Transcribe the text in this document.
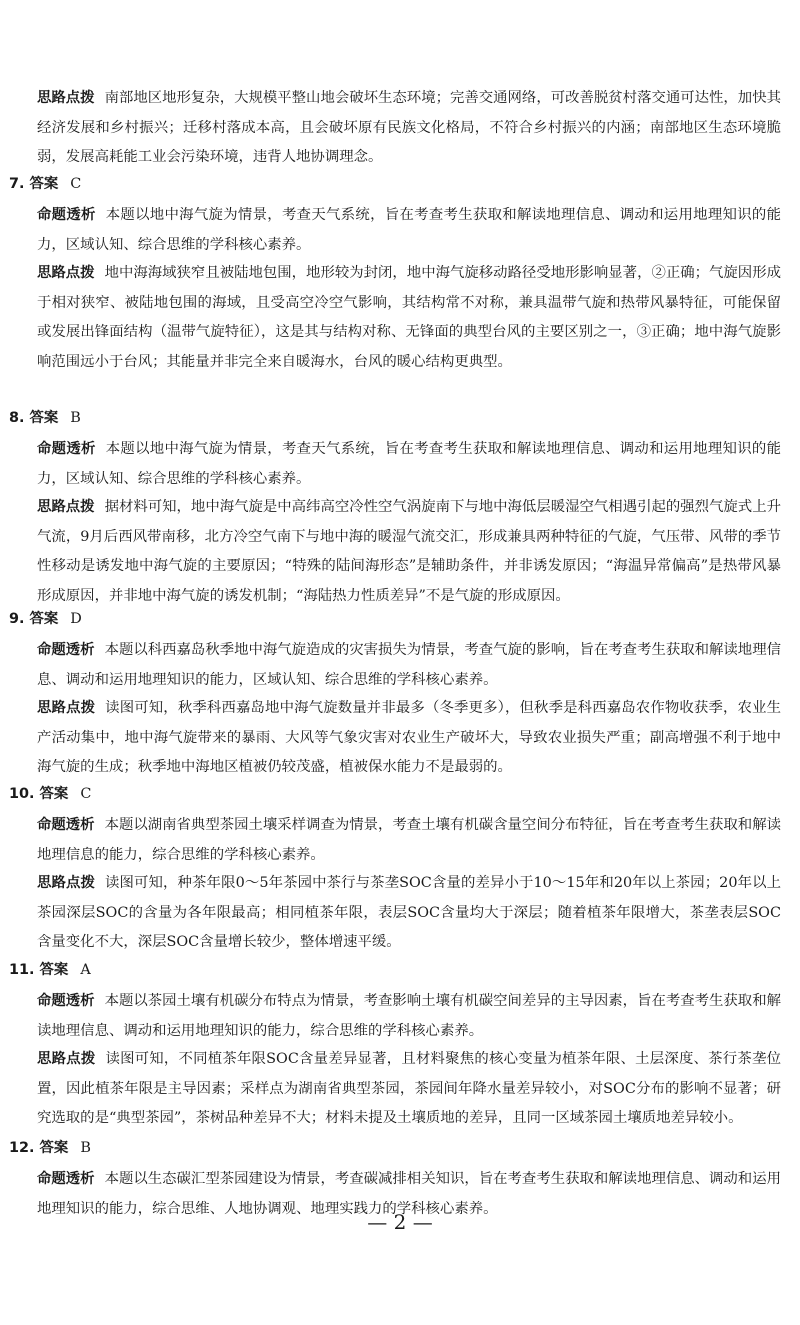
思路点拨 南部地区地形复杂，大规模平整山地会破坏生态环境；完善交通网络，可改善脱贫村落交通可达性，加快其经济发展和乡村振兴；迁移村落成本高，且会破坏原有民族文化格局，不符合乡村振兴的内涵；南部地区生态环境脆弱，发展高耗能工业会污染环境，违背人地协调理念。

7. 答案 C

命题透析 本题以地中海气旋为情景，考查天气系统，旨在考查考生获取和解读地理信息、调动和运用地理知识的能力，区域认知、综合思维的学科核心素养。

思路点拨 地中海海域狭窄且被陆地包围，地形较为封闭，地中海气旋移动路径受地形影响显著，②正确；气旋因形成于相对狭窄、被陆地包围的海域，且受高空冷空气影响，其结构常不对称，兼具温带气旋和热带风暴特征，可能保留或发展出锋面结构（温带气旋特征），这是其与结构对称、无锋面的典型台风的主要区别之一，③正确；地中海气旋影响范围远小于台风；其能量并非完全来自暖海水，台风的暖心结构更典型。

8. 答案 B

命题透析 本题以地中海气旋为情景，考查天气系统，旨在考查考生获取和解读地理信息、调动和运用地理知识的能力，区域认知、综合思维的学科核心素养。

思路点拨 据材料可知，地中海气旋是中高纬高空冷性空气涡旋南下与地中海低层暖湿空气相遇引起的强烈气旋式上升气流，9月后西风带南移，北方冷空气南下与地中海的暖湿气流交汇，形成兼具两种特征的气旋，气压带、风带的季节性移动是诱发地中海气旋的主要原因；“特殊的陆间海形态”是辅助条件，并非诱发原因；“海温异常偏高”是热带风暴形成原因，并非地中海气旋的诱发机制；“海陆热力性质差异”不是气旋的形成原因。

9. 答案 D

命题透析 本题以科西嘉岛秋季地中海气旋造成的灾害损失为情景，考查气旋的影响，旨在考查考生获取和解读地理信息、调动和运用地理知识的能力，区域认知、综合思维的学科核心素养。

思路点拨 读图可知，秋季科西嘉岛地中海气旋数量并非最多（冬季更多），但秋季是科西嘉岛农作物收获季，农业生产活动集中，地中海气旋带来的暴雨、大风等气象灾害对农业生产破坏大，导致农业损失严重；副高增强不利于地中海气旋的生成；秋季地中海地区植被仍较茂盛，植被保水能力不是最弱的。

10. 答案 C

命题透析 本题以湖南省典型茶园土壤采样调查为情景，考查土壤有机碳含量空间分布特征，旨在考查考生获取和解读地理信息的能力，综合思维的学科核心素养。

思路点拨 读图可知，种茶年限0～5年茶园中茶行与茶垄SOC含量的差异小于10～15年和20年以上茶园；20年以上茶园深层SOC的含量为各年限最高；相同植茶年限，表层SOC含量均大于深层；随着植茶年限增大，茶垄表层SOC含量变化不大，深层SOC含量增长较少，整体增速平缓。

11. 答案 A

命题透析 本题以茶园土壤有机碳分布特点为情景，考查影响土壤有机碳空间差异的主导因素，旨在考查考生获取和解读地理信息、调动和运用地理知识的能力，综合思维的学科核心素养。

思路点拨 读图可知，不同植茶年限SOC含量差异显著，且材料聚焦的核心变量为植茶年限、土层深度、茶行茶垄位置，因此植茶年限是主导因素；采样点为湖南省典型茶园，茶园间年降水量差异较小，对SOC分布的影响不显著；研究选取的是“典型茶园”，茶树品种差异不大；材料未提及土壤质地的差异，且同一区域茶园土壤质地差异较小。

12. 答案 B

命题透析 本题以生态碳汇型茶园建设为情景，考查碳减排相关知识，旨在考查考生获取和解读地理信息、调动和运用地理知识的能力，综合思维、人地协调观、地理实践力的学科核心素养。

— 2 —
